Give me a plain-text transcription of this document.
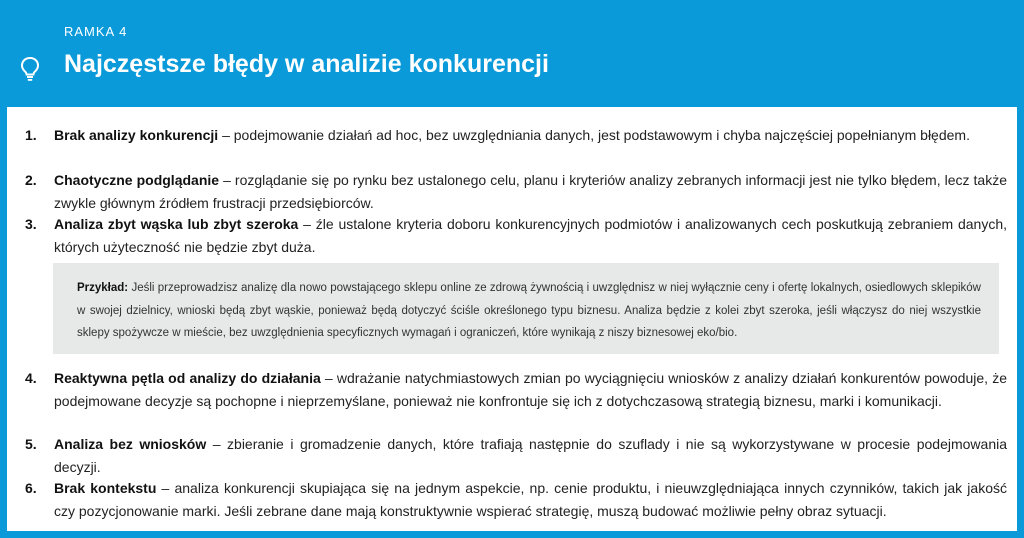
RAMKA 4
Najczęstsze błędy w analizie konkurencji
1. Brak analizy konkurencji – podejmowanie działań ad hoc, bez uwzględniania danych, jest podstawowym i chyba najczęściej popełnianym błędem.
2. Chaotyczne podglądanie – rozglądanie się po rynku bez ustalonego celu, planu i kryteriów analizy zebranych informacji jest nie tylko błędem, lecz także zwykle głównym źródłem frustracji przedsiębiorców.
3. Analiza zbyt wąska lub zbyt szeroka – źle ustalone kryteria doboru konkurencyjnych podmiotów i analizowanych cech poskutkują zebraniem danych, których użyteczność nie będzie zbyt duża.
Przykład: Jeśli przeprowadzisz analizę dla nowo powstającego sklepu online ze zdrową żywnością i uwzględnisz w niej wyłącznie ceny i ofertę lokalnych, osiedlowych sklepików w swojej dzielnicy, wnioski będą zbyt wąskie, ponieważ będą dotyczyć ściśle określonego typu biznesu. Analiza będzie z kolei zbyt szeroka, jeśli włączysz do niej wszystkie sklepy spożywcze w mieście, bez uwzględnienia specyficznych wymagań i ograniczeń, które wynikają z niszy biznesowej eko/bio.
4. Reaktywna pętla od analizy do działania – wdrażanie natychmiastowych zmian po wyciągnięciu wniosków z analizy działań konkurentów powoduje, że podejmowane decyzje są pochopne i nieprzemyślane, ponieważ nie konfrontuje się ich z dotychczasową strategią biznesu, marki i komunikacji.
5. Analiza bez wniosków – zbieranie i gromadzenie danych, które trafiają następnie do szuflady i nie są wykorzystywane w procesie podejmowania decyzji.
6. Brak kontekstu – analiza konkurencji skupiająca się na jednym aspekcie, np. cenie produktu, i nieuwzględniająca innych czynników, takich jak jakość czy pozycjonowanie marki. Jeśli zebrane dane mają konstruktywnie wspierać strategię, muszą budować możliwie pełny obraz sytuacji.
